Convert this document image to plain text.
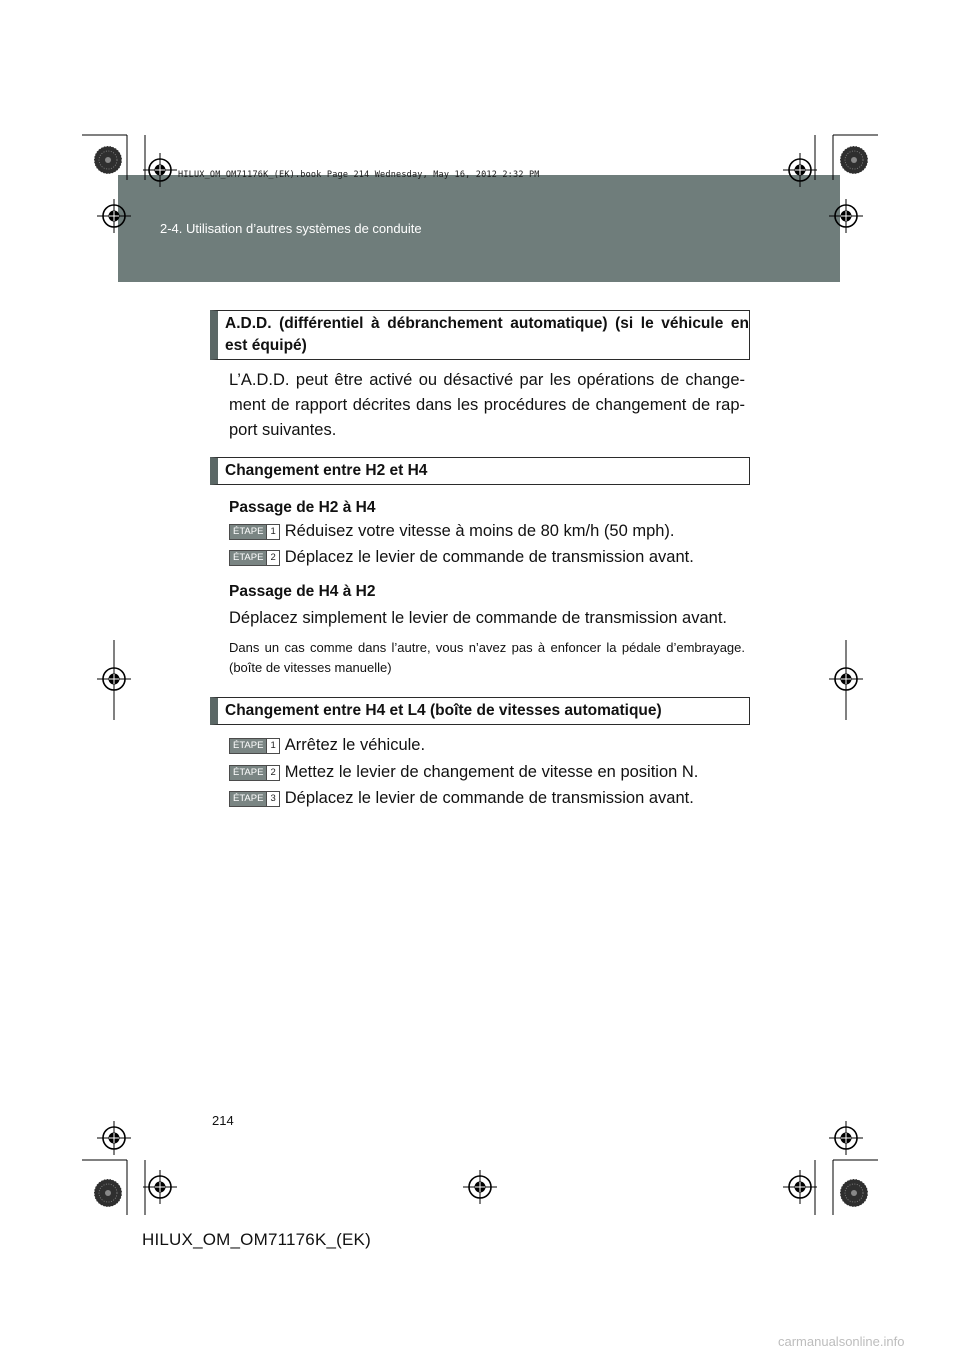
2-4. Utilisation d’autres systèmes de conduite
HILUX_OM_OM71176K_(EK).book Page 214 Wednesday, May 16, 2012 2:32 PM
A.D.D. (différentiel à débranchement automatique) (si le véhicule en est équipé)
L’A.D.D. peut être activé ou désactivé par les opérations de change-ment de rapport décrites dans les procédures de changement de rap-port suivantes.
Changement entre H2 et H4
Passage de H2 à H4
ÉTAPE 1 Réduisez votre vitesse à moins de 80 km/h (50 mph).
ÉTAPE 2 Déplacez le levier de commande de transmission avant.
Passage de H4 à H2
Déplacez simplement le levier de commande de transmission avant.
Dans un cas comme dans l’autre, vous n’avez pas à enfoncer la pédale d’embrayage. (boîte de vitesses manuelle)
Changement entre H4 et L4 (boîte de vitesses automatique)
ÉTAPE 1 Arrêtez le véhicule.
ÉTAPE 2 Mettez le levier de changement de vitesse en position N.
ÉTAPE 3 Déplacez le levier de commande de transmission avant.
214
HILUX_OM_OM71176K_(EK)
carmanualsonline.info
